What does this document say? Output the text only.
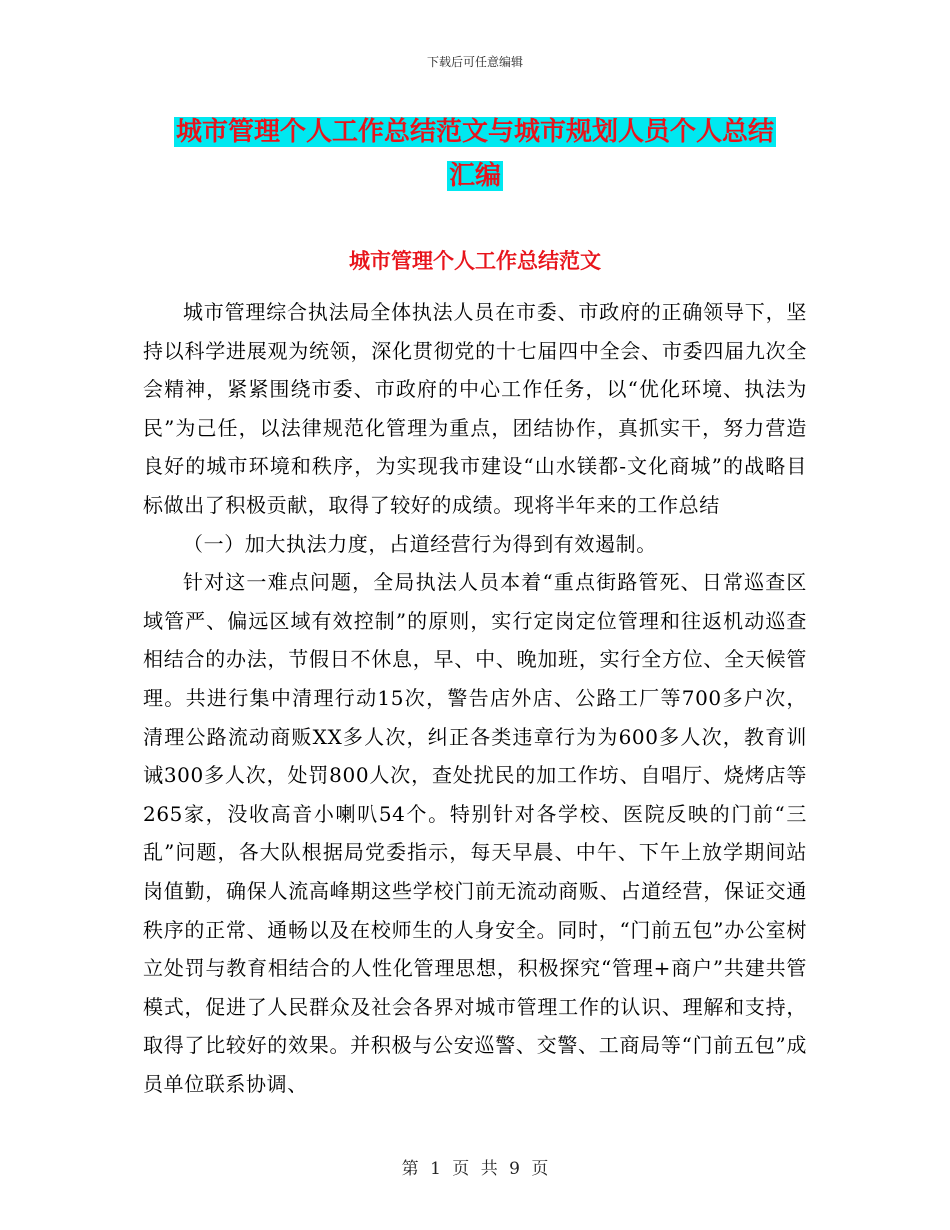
下载后可任意编辑
城市管理个人工作总结范文与城市规划人员个人总结
汇编
城市管理个人工作总结范文

城市管理综合执法局全体执法人员在市委、市政府的正确领导下，坚持以科学进展观为统领，深化贯彻党的十七届四中全会、市委四届九次全会精神，紧紧围绕市委、市政府的中心工作任务，以“优化环境、执法为民”为己任，以法律规范化管理为重点，团结协作，真抓实干，努力营造良好的城市环境和秩序，为实现我市建设“山水镁都-文化商城”的战略目标做出了积极贡献，取得了较好的成绩。现将半年来的工作总结

（一）加大执法力度，占道经营行为得到有效遏制。

针对这一难点问题，全局执法人员本着“重点街路管死、日常巡查区域管严、偏远区域有效控制”的原则，实行定岗定位管理和往返机动巡查相结合的办法，节假日不休息，早、中、晚加班，实行全方位、全天候管理。共进行集中清理行动15次，警告店外店、公路工厂等700多户次，清理公路流动商贩XX多人次，纠正各类违章行为为600多人次，教育训诫300多人次，处罚800人次，查处扰民的加工作坊、自唱厅、烧烤店等265家，没收高音小喇叭54个。特别针对各学校、医院反映的门前“三乱”问题，各大队根据局党委指示，每天早晨、中午、下午上放学期间站岗值勤，确保人流高峰期这些学校门前无流动商贩、占道经营，保证交通秩序的正常、通畅以及在校师生的人身安全。同时，“门前五包”办公室树立处罚与教育相结合的人性化管理思想，积极探究“管理+商户”共建共管模式，促进了人民群众及社会各界对城市管理工作的认识、理解和支持，取得了比较好的效果。并积极与公安巡警、交警、工商局等“门前五包”成员单位联系协调、

第 1 页 共 9 页
